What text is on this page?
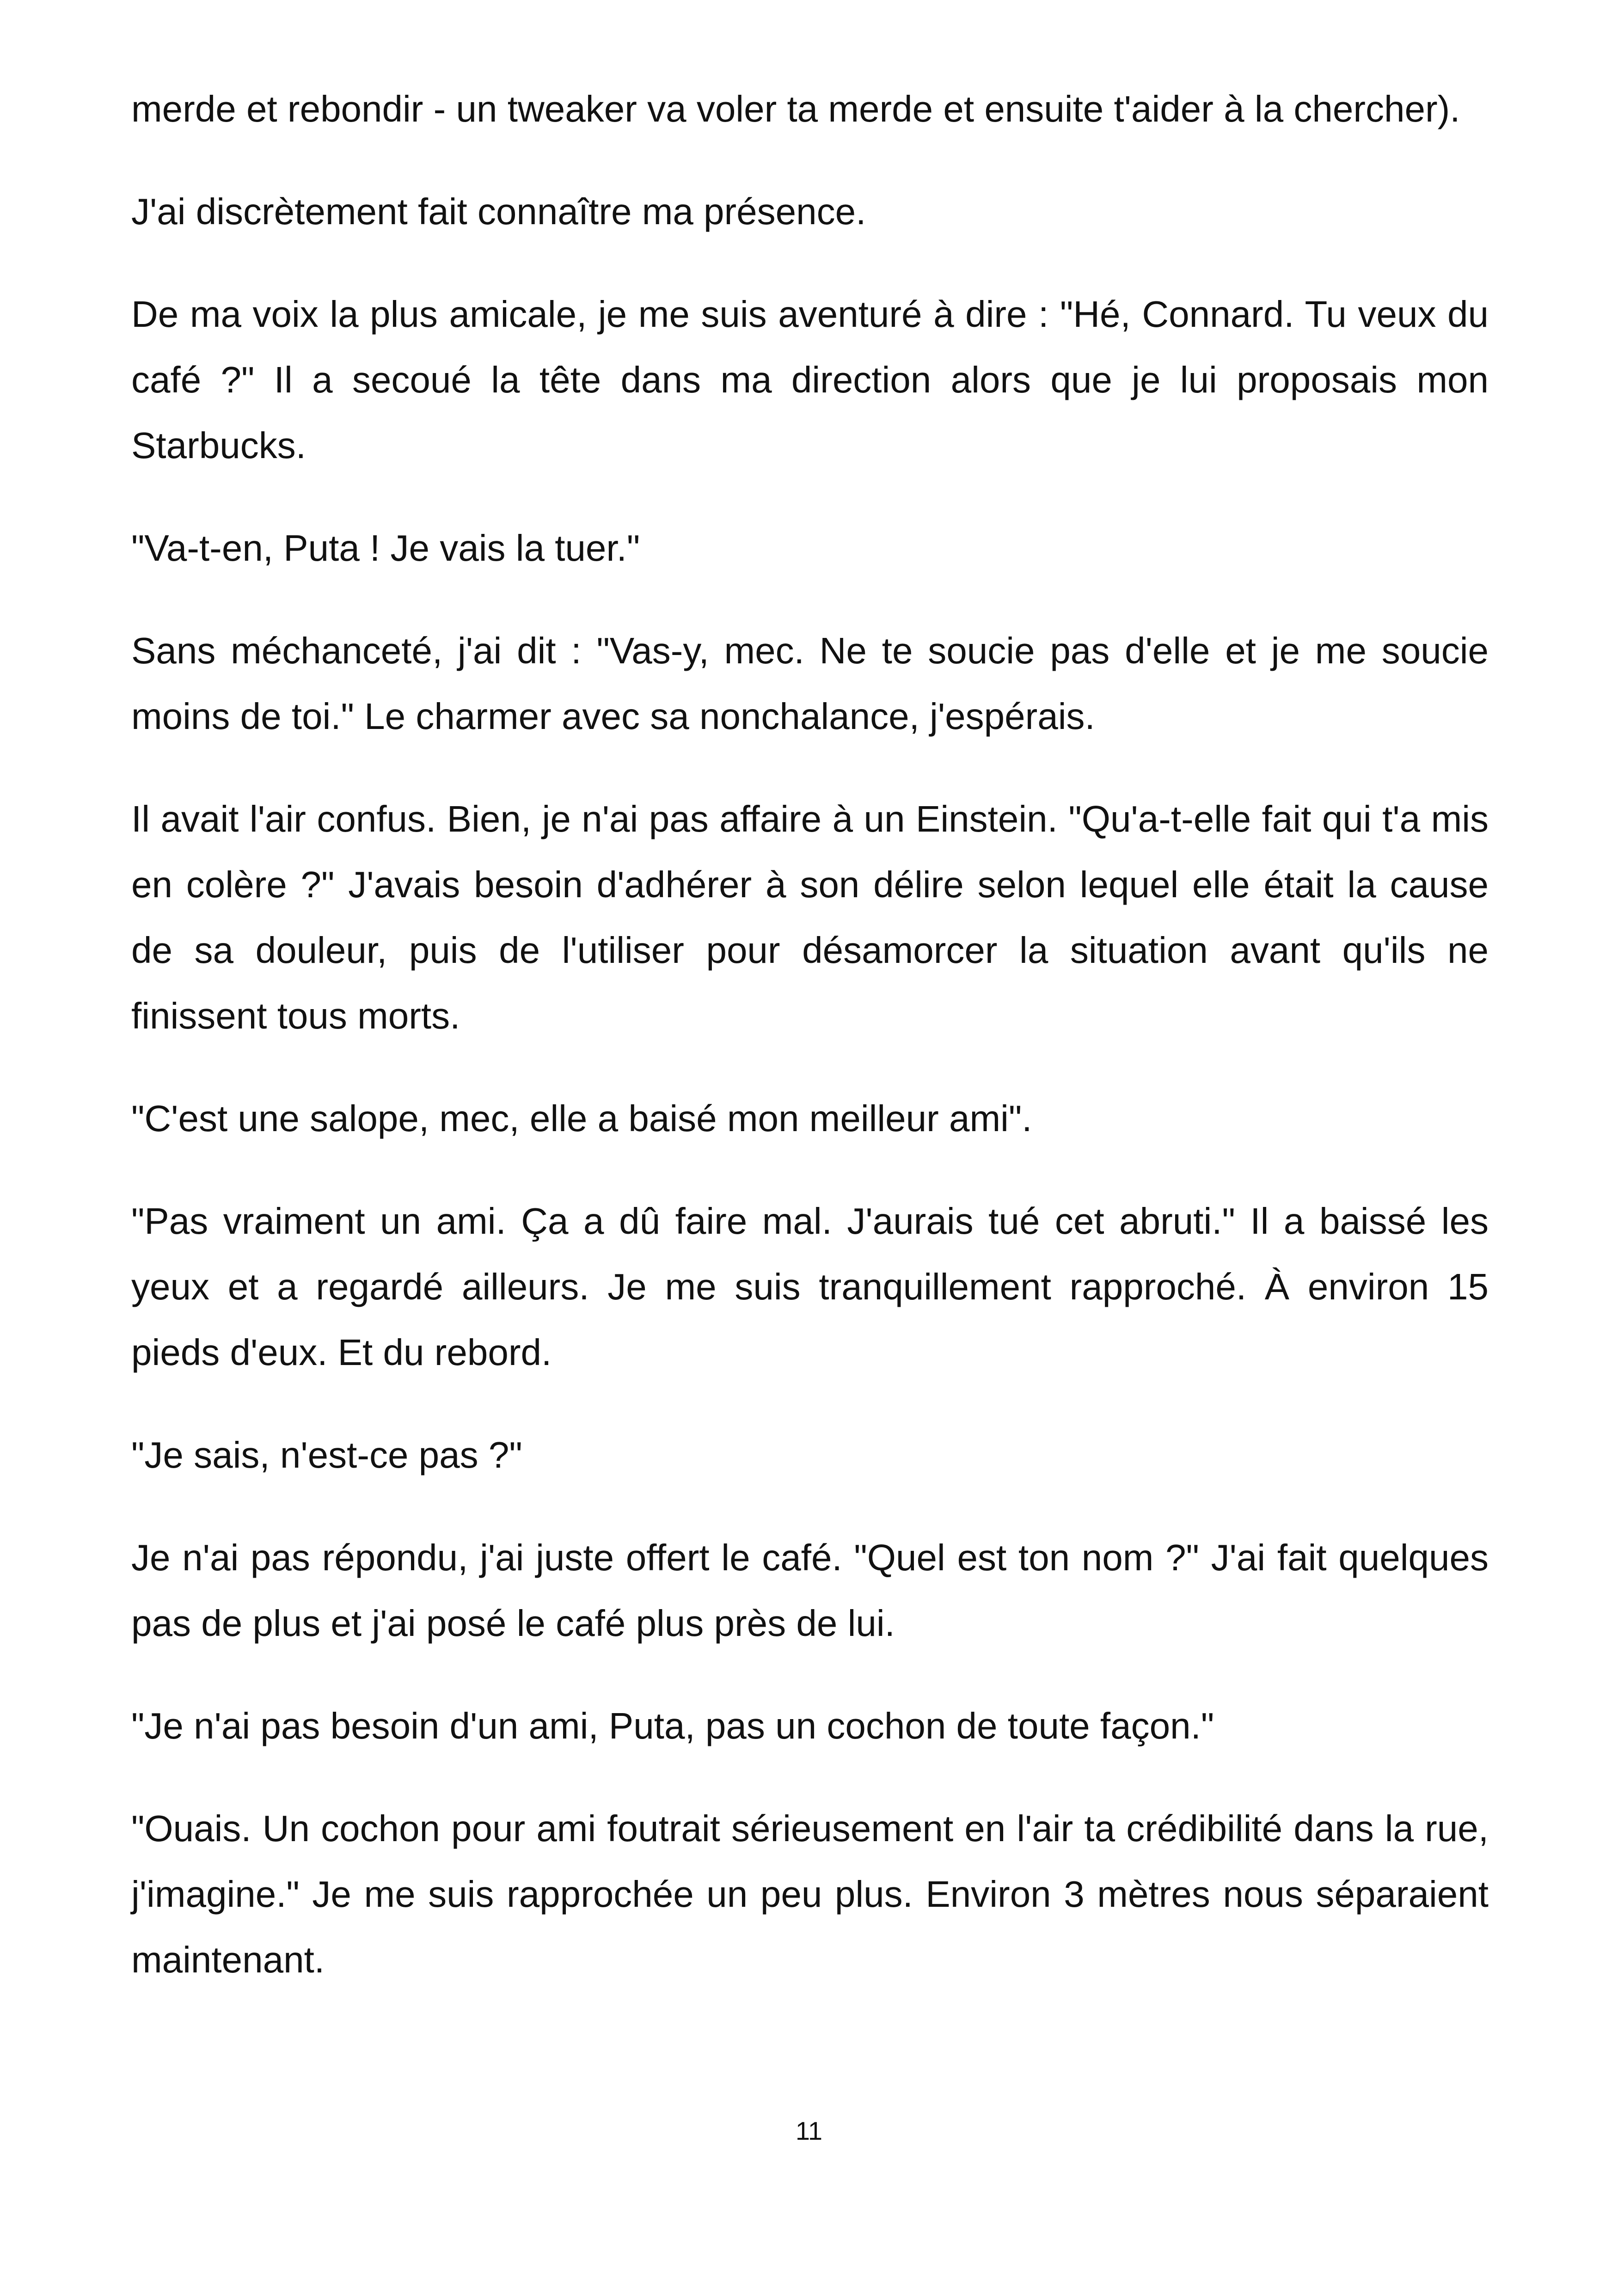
merde et rebondir - un tweaker va voler ta merde et ensuite t'aider à la chercher).

J'ai discrètement fait connaître ma présence.

De ma voix la plus amicale, je me suis aventuré à dire : "Hé, Connard. Tu veux du café ?" Il a secoué la tête dans ma direction alors que je lui proposais mon Starbucks.

"Va-t-en, Puta ! Je vais la tuer."

Sans méchanceté, j'ai dit : "Vas-y, mec. Ne te soucie pas d'elle et je me soucie moins de toi." Le charmer avec sa nonchalance, j'espérais.

Il avait l'air confus. Bien, je n'ai pas affaire à un Einstein. "Qu'a-t-elle fait qui t'a mis en colère ?" J'avais besoin d'adhérer à son délire selon lequel elle était la cause de sa douleur, puis de l'utiliser pour désamorcer la situation avant qu'ils ne finissent tous morts.

"C'est une salope, mec, elle a baisé mon meilleur ami".

"Pas vraiment un ami. Ça a dû faire mal. J'aurais tué cet abruti." Il a baissé les yeux et a regardé ailleurs. Je me suis tranquillement rapproché. À environ 15 pieds d'eux. Et du rebord.

"Je sais, n'est-ce pas ?"

Je n'ai pas répondu, j'ai juste offert le café. "Quel est ton nom ?" J'ai fait quelques pas de plus et j'ai posé le café plus près de lui.

"Je n'ai pas besoin d'un ami, Puta, pas un cochon de toute façon."

"Ouais. Un cochon pour ami foutrait sérieusement en l'air ta crédibilité dans la rue, j'imagine." Je me suis rapprochée un peu plus. Environ 3 mètres nous séparaient maintenant.

11
